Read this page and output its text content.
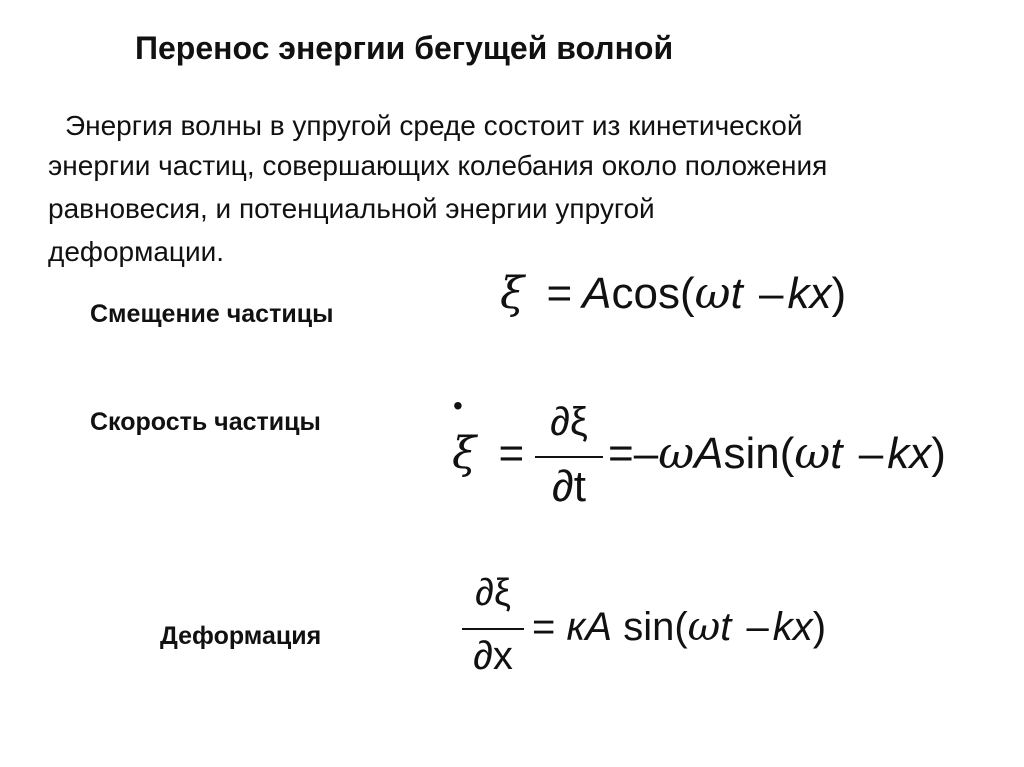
Перенос энергии бегущей волной
Энергия волны в упругой среде состоит из кинетической
энергии частиц, совершающих колебания около положения
равновесия, и потенциальной энергии упругой
деформации.
Смещение частицы	ξ = Acos(ωt –kx)
Скорость частицы
•
ξ =
∂ξ
∂t
=–ωAsin(ωt –kx)
Деформация
∂ξ
∂x
= кA sin(ωt – kx)
